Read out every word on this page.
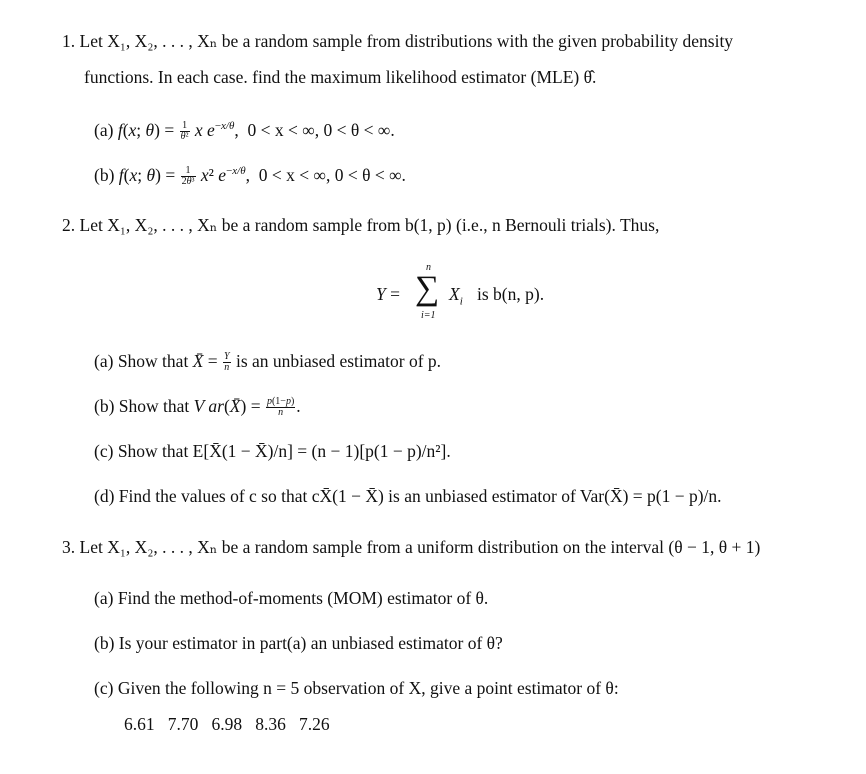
1. Let X₁, X₂, . . . , Xₙ be a random sample from distributions with the given probability density
functions. In each case. find the maximum likelihood estimator (MLE) θ̂.
(a) f(x; $\theta) = \frac{1}{\text{θ²}}$ x $e^{-x/\theta}$, 0 < x < ∞, 0 < θ < ∞.
(b) f(x; $\theta) = \frac{1}{\text{2θ³}} x^2$ $e^{-x/\theta}$, 0 < x < ∞, 0 < θ < ∞.
2. Let X₁, X₂, . . . , Xₙ be a random sample from b(1, p) (i.e., n Bernouli trials). Thus,
Y =
n
∑
i=1
$X_i$ is b(n, p).
(a) Show that X̄ = $\frac{Y}{n}$ is an unbiased estimator of p.
(b) Show that V ar(X̄) = $\frac{p(1-p)}{n}$ .
(c) Show that E[X̄(1 − X̄)/n] = (n − 1)[p(1 − p)/n²].
(d) Find the values of c so that cX̄(1 − X̄) is an unbiased estimator of Var(X̄) = p(1 − p)/n.
3. Let X₁, X₂, . . . , Xₙ be a random sample from a uniform distribution on the interval (θ − 1, θ + 1)
(a) Find the method-of-moments (MOM) estimator of θ.
(b) Is your estimator in part(a) an unbiased estimator of θ?
(c) Given the following n = 5 observation of X, give a point estimator of θ:
6.61 7.70 6.98 8.36 7.26
